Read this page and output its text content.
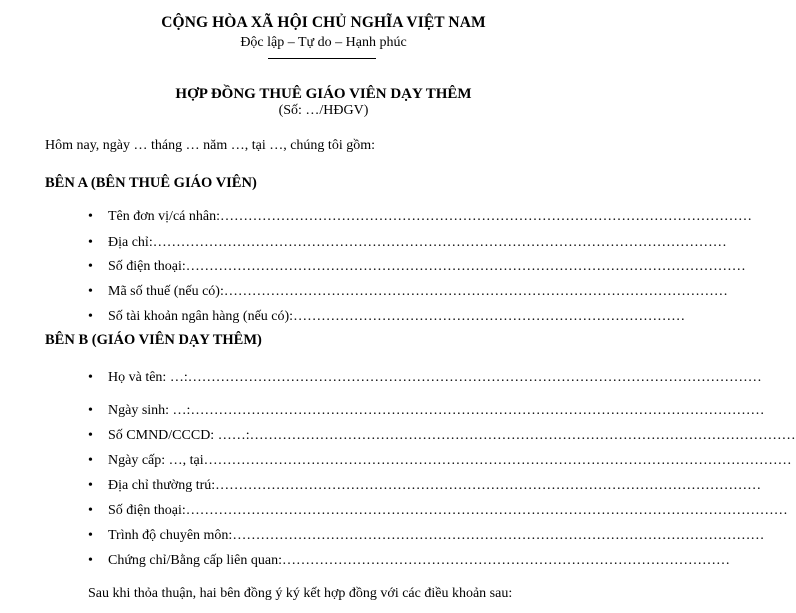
CỘNG HÒA XÃ HỘI CHỦ NGHĨA VIỆT NAM
Độc lập – Tự do – Hạnh phúc
HỢP ĐỒNG THUÊ GIÁO VIÊN DẠY THÊM
(Số: …/HĐGV)
Hôm nay, ngày … tháng … năm …, tại …, chúng tôi gồm:
BÊN A (BÊN THUÊ GIÁO VIÊN)
• Tên đơn vị/cá nhân: ……………………………………………………………………………………………………
• Địa chỉ: ……………………………………………………………………………………………………………
• Số điện thoại: …………………………………………………………………………………………………………
• Mã số thuế (nếu có): ………………………………………………………………………………………………
• Số tài khoản ngân hàng (nếu có): …………………………………………………………………………
BÊN B (GIÁO VIÊN DẠY THÊM)
• Họ và tên: …: ……………………………………………………………………………………………………………
• Ngày sinh: …: ……………………………………………………………………………………………………………
• Số CMND/CCCD: ……: ………………………………………………………………………………………………………
• Ngày cấp: …, tại ………………………………………………………………………………………………………………
• Địa chỉ thường trú: ………………………………………………………………………………………………………
• Số điện thoại: …………………………………………………………………………………………………………………
• Trình độ chuyên môn: ……………………………………………………………………………………………………
• Chứng chỉ/Bằng cấp liên quan: ……………………………………………………………………………………
Sau khi thỏa thuận, hai bên đồng ý ký kết hợp đồng với các điều khoản sau:
